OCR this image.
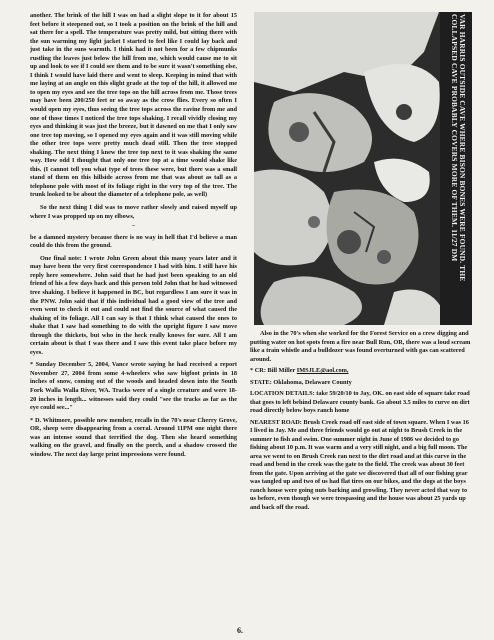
another. The brink of the hill I was on had a slight slope to it for about 15 feet before it steepened out, so I took a position on the brink of the hill and sat there for a spell. The temperature was pretty mild, but sitting there with the sun warming my light jacket I started to feel like I could lay back and just take in the suns warmth. I think had it not been for a few chipmunks rustling the leaves just below the hill from me, which would cause me to sit up and look to see if I could see them and to be sure it wasn't something else, I think I would have laid there and went to sleep. Keeping in mind that with me laying at an angle on this slight grade at the top of the hill, it allowed me to open my eyes and see the tree tops on the hill across from me. Those trees may have been 200/250 feet or so away as the crow flies. Every so often I would open my eyes, thus seeing the tree tops across the ravine from me and one of those times I noticed the tree tops shaking. I recall vividly closing my eyes and thinking it was just the breeze, but it dawned on me that I only saw one tree top moving, so I opened my eyes again and it was still moving while the other tree tops were pretty much dead still. Then the tree stopped shaking. The next thing I knew the tree top next to it was shaking the same way. How odd I thought that only one tree top at a time would shake like this. (I cannot tell you what type of trees these were, but there was a small stand of them on this hillside across from me that was about as tall as a telephone pole with most of its foliage right in the very top of the tree. The trunk looked to be about the diameter of a telephone pole, as well)

So the next thing I did was to move rather slowly and raised myself up where I was propped up on my elbows,

~

be a damned mystery because there is no way in hell that I'd believe a man could do this from the ground.

One final note: I wrote John Green about this many years later and it may have been the very first correspondence I had with him. I still have his reply here somewhere. John said that he had just been speaking to an old friend of his a few days back and this person told John that he had witnessed tree shaking. I believe it happened in BC, but regardless I am sure it was in the PNW. John said that if this individual had a good view of the tree and even went to check it out and could not find the source of what caused the shaking of its foliage. All I can say is that I think what caused the ones to shake that I saw had something to do with the upright figure I saw move through the thickets, but who in the heck really knows for sure. All I am certain about is that I was there and I saw this event take place before my eyes.

* Sunday December 5, 2004, Vance wrote saying he had received a report November 27, 2004 from some 4-wheelers who saw bigfoot prints in 18 inches of snow, coming out of the woods and headed down into the South Fork Walla Walla River, WA. Tracks were of a single creature and were 18-20 inches in length... witnesses said they could "see the tracks as far as the eye could see..."

* D. Whitmore, possible new member, recalls in the 70's near Cherry Grove, OR, sheep were disappearing from a corral. Around 11PM one night there was an intense sound that terrified the dog. Then she heard something walking on the gravel, and finally on the porch, and a shadow crossed the window. The next day large print impressions were found.

VAR HARRIS OUTSIDE CAVE WHERE BISON BONES WERE FOUND. THE COLLAPSED CAVE PROBABLY COVERS MORE OF THEM. 11/27 DM

Also in the 70's when she worked for the Forest Service on a crew digging and putting water on hot spots from a fire near Bull Run, OR, there was a loud scream like a train whistle and a bulldozer was found overturned with gas can scattered around.

* CR: Bill Miller IMSJLE@aol.com,

STATE: Oklahoma, Delaware County

LOCATION DETAILS: take 59/20/10 to Jay, OK. on east side of square take road that goes to left behind Delaware county bank. Go about 3.5 miles to curve on dirt road directly below boys ranch home

NEAREST ROAD: Brush Creek road off east side of town square. When I was 16 I lived in Jay. Me and three friends would go out at night to Brush Creek in the summer to fish and swim. One summer night in June of 1986 we decided to go fishing about 10 p.m. It was warm and a very still night, and a big full moon. The area we went to on Brush Creek ran next to the dirt road and at this curve in the road and bend in the creek was the gate to the field. The creek was about 30 feet from the gate. Upon arriving at the gate we discovered that all of our fishing gear was tangled up and two of us had flat tires on our bikes, and the dogs at the boys ranch house were going nuts barking and growling. They never acted that way to us before, even though we were trespassing and the house was about 25 yards up and back off the road.

6.
